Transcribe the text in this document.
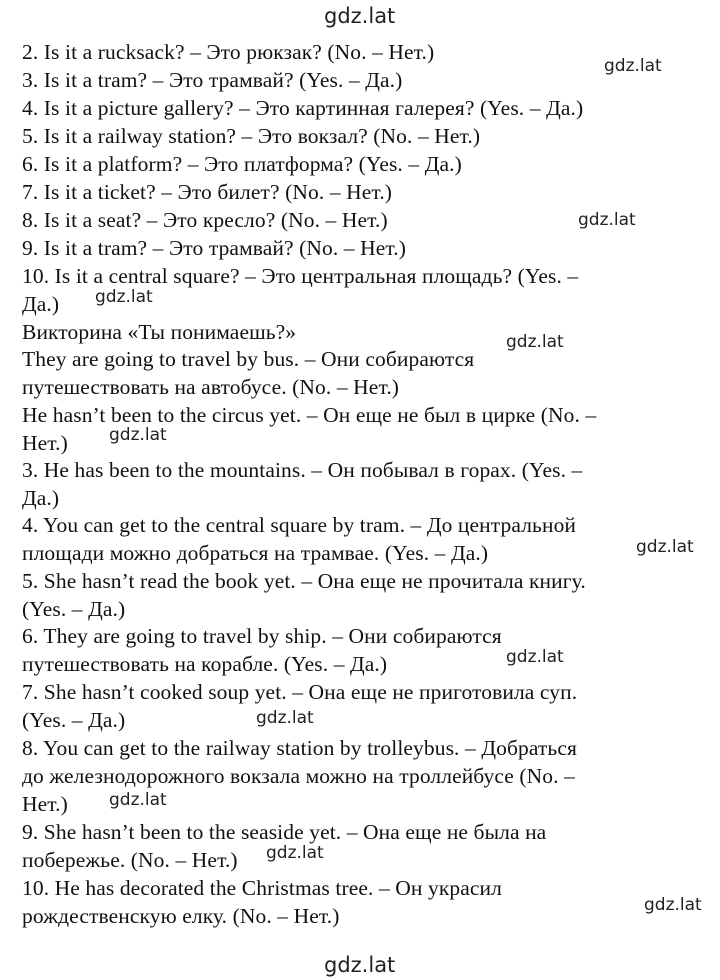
gdz.lat
gdz.lat
gdz.lat
gdz.lat
gdz.lat
gdz.lat
gdz.lat
gdz.lat
gdz.lat
gdz.lat
gdz.lat
gdz.lat
gdz.lat

2. Is it a rucksack? – Это рюкзак? (No. – Нет.)

3. Is it a tram? – Это трамвай? (Yes. – Да.)

4. Is it a picture gallery? – Это картинная галерея? (Yes. – Да.)

5. Is it a railway station? – Это вокзал? (No. – Нет.)

6. Is it a platform? – Это платформа? (Yes. – Да.)

7. Is it a ticket? – Это билет? (No. – Нет.)

8. Is it a seat? – Это кресло? (No. – Нет.)

9. Is it a tram? – Это трамвай? (No. – Нет.)

10. Is it a central square? – Это центральная площадь? (Yes. –

Да.)

Викторина «Ты понимаешь?»

They are going to travel by bus. – Они собираются

путешествовать на автобусе. (No. – Нет.)

He hasn’t been to the circus yet. – Он еще не был в цирке (No. –

Нет.)

3. He has been to the mountains. – Он побывал в горах. (Yes. –

Да.)

4. You can get to the central square by tram. – До центральной

площади можно добраться на трамвае. (Yes. – Да.)

5. She hasn’t read the book yet. – Она еще не прочитала книгу.

(Yes. – Да.)

6. They are going to travel by ship. – Они собираются

путешествовать на корабле. (Yes. – Да.)

7. She hasn’t cooked soup yet. – Она еще не приготовила суп.

(Yes. – Да.)

8. You can get to the railway station by trolleybus. – Добраться

до железнодорожного вокзала можно на троллейбусе (No. –

Нет.)

9. She hasn’t been to the seaside yet. – Она еще не была на

побережье. (No. – Нет.)

10. He has decorated the Christmas tree. – Он украсил

рождественскую елку. (No. – Нет.)
